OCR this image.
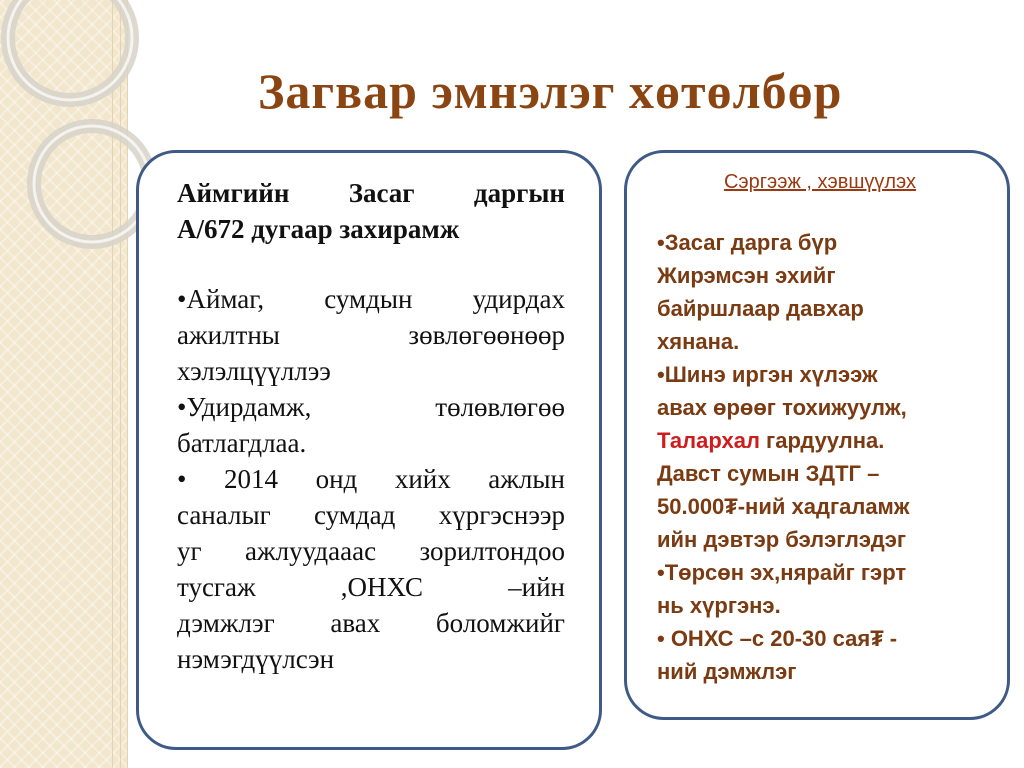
Загвар эмнэлэг хөтөлбөр

Аймгийн Засаг даргын

А/672 дугаар захирамж

•Аймаг, сумдын удирдах

ажилтны зөвлөгөөнөөр

хэлэлцүүллээ

•Удирдамж, төлөвлөгөө

батлагдлаа.

• 2014 онд хийх ажлын

саналыг сумдад хүргэснээр

уг ажлуудааас зорилтондоо

тусгаж ,ОНХС –ийн

дэмжлэг авах боломжийг

нэмэгдүүлсэн

Сэргээж , хэвшүүлэх

•Засаг дарга бүр

Жирэмсэн эхийг

байршлаар давхар

хянана.

•Шинэ иргэн хүлээж

авах өрөөг тохижуулж,

Талархал гардуулна.

Давст сумын ЗДТГ –

50.000₮-ний хадгаламж

ийн дэвтэр бэлэглэдэг

•Төрсөн эх,нярайг гэрт

нь хүргэнэ.

• ОНХС –с 20-30 сая₮ -

ний дэмжлэг
